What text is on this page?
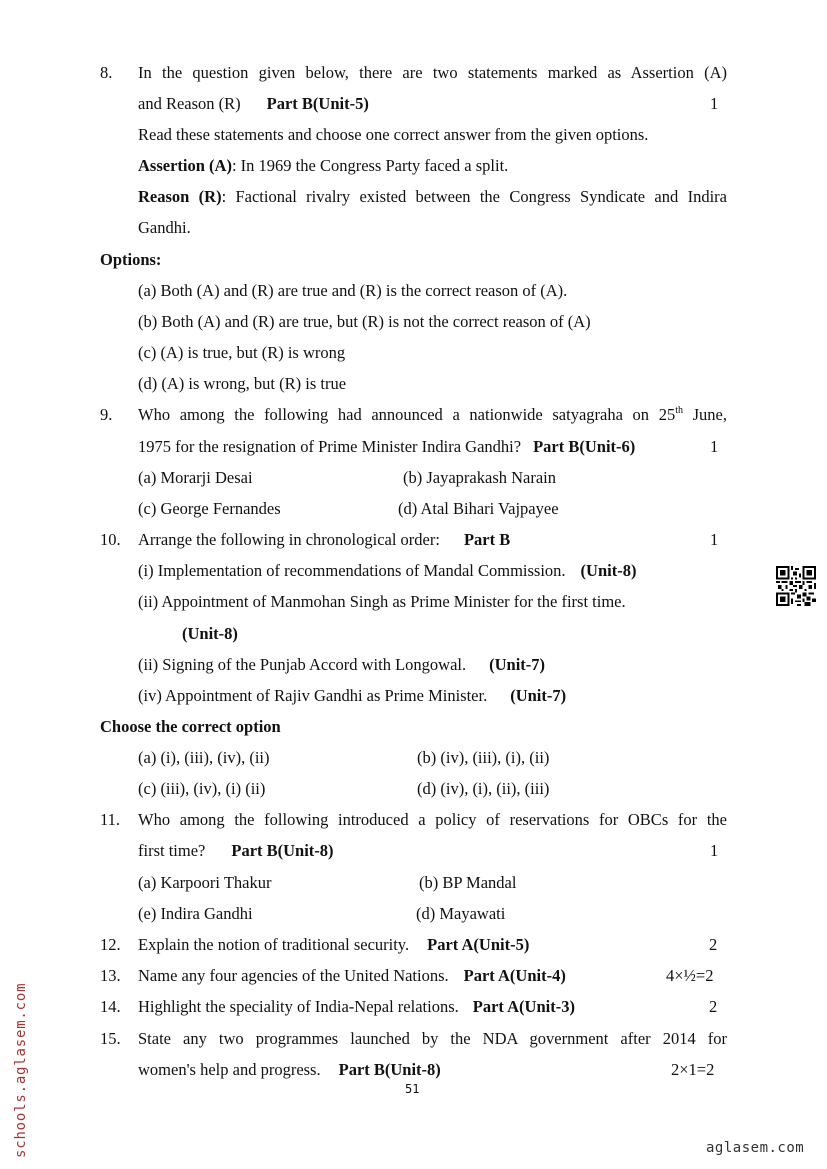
8. In the question given below, there are two statements marked as Assertion (A)
and Reason (R) Part B(Unit-5)	1
Read these statements and choose one correct answer from the given options.
Assertion (A): In 1969 the Congress Party faced a split.
Reason (R): Factional rivalry existed between the Congress Syndicate and Indira
Gandhi.
Options:
(a) Both (A) and (R) are true and (R) is the correct reason of (A).
(b) Both (A) and (R) are true, but (R) is not the correct reason of (A)
(c) (A) is true, but (R) is wrong
(d) (A) is wrong, but (R) is true
9. Who among the following had announced a nationwide satyagraha on 25th June,
1975 for the resignation of Prime Minister Indira Gandhi? Part B(Unit-6)	1
(a) Morarji Desai	(b) Jayaprakash Narain
(c) George Fernandes	(d) Atal Bihari Vajpayee
10. Arrange the following in chronological order: Part B	1
(i) Implementation of recommendations of Mandal Commission. (Unit-8)
(ii) Appointment of Manmohan Singh as Prime Minister for the first time.
(Unit-8)
(ii) Signing of the Punjab Accord with Longowal. (Unit-7)
(iv) Appointment of Rajiv Gandhi as Prime Minister. (Unit-7)
Choose the correct option
(a) (i), (iii), (iv), (ii)	(b) (iv), (iii), (i), (ii)
(c) (iii), (iv), (i) (ii)	(d) (iv), (i), (ii), (iii)
11. Who among the following introduced a policy of reservations for OBCs for the
first time? Part B(Unit-8)	1
(a) Karpoori Thakur	(b) BP Mandal
(e) Indira Gandhi	(d) Mayawati
12. Explain the notion of traditional security. Part A(Unit-5)	2
13. Name any four agencies of the United Nations. Part A(Unit-4)	4×½=2
14. Highlight the speciality of India-Nepal relations. Part A(Unit-3)	2
15. State any two programmes launched by the NDA government after 2014 for
women's help and progress. Part B(Unit-8)	2×1=2
51
aglasem.com
schools.aglasem.com
